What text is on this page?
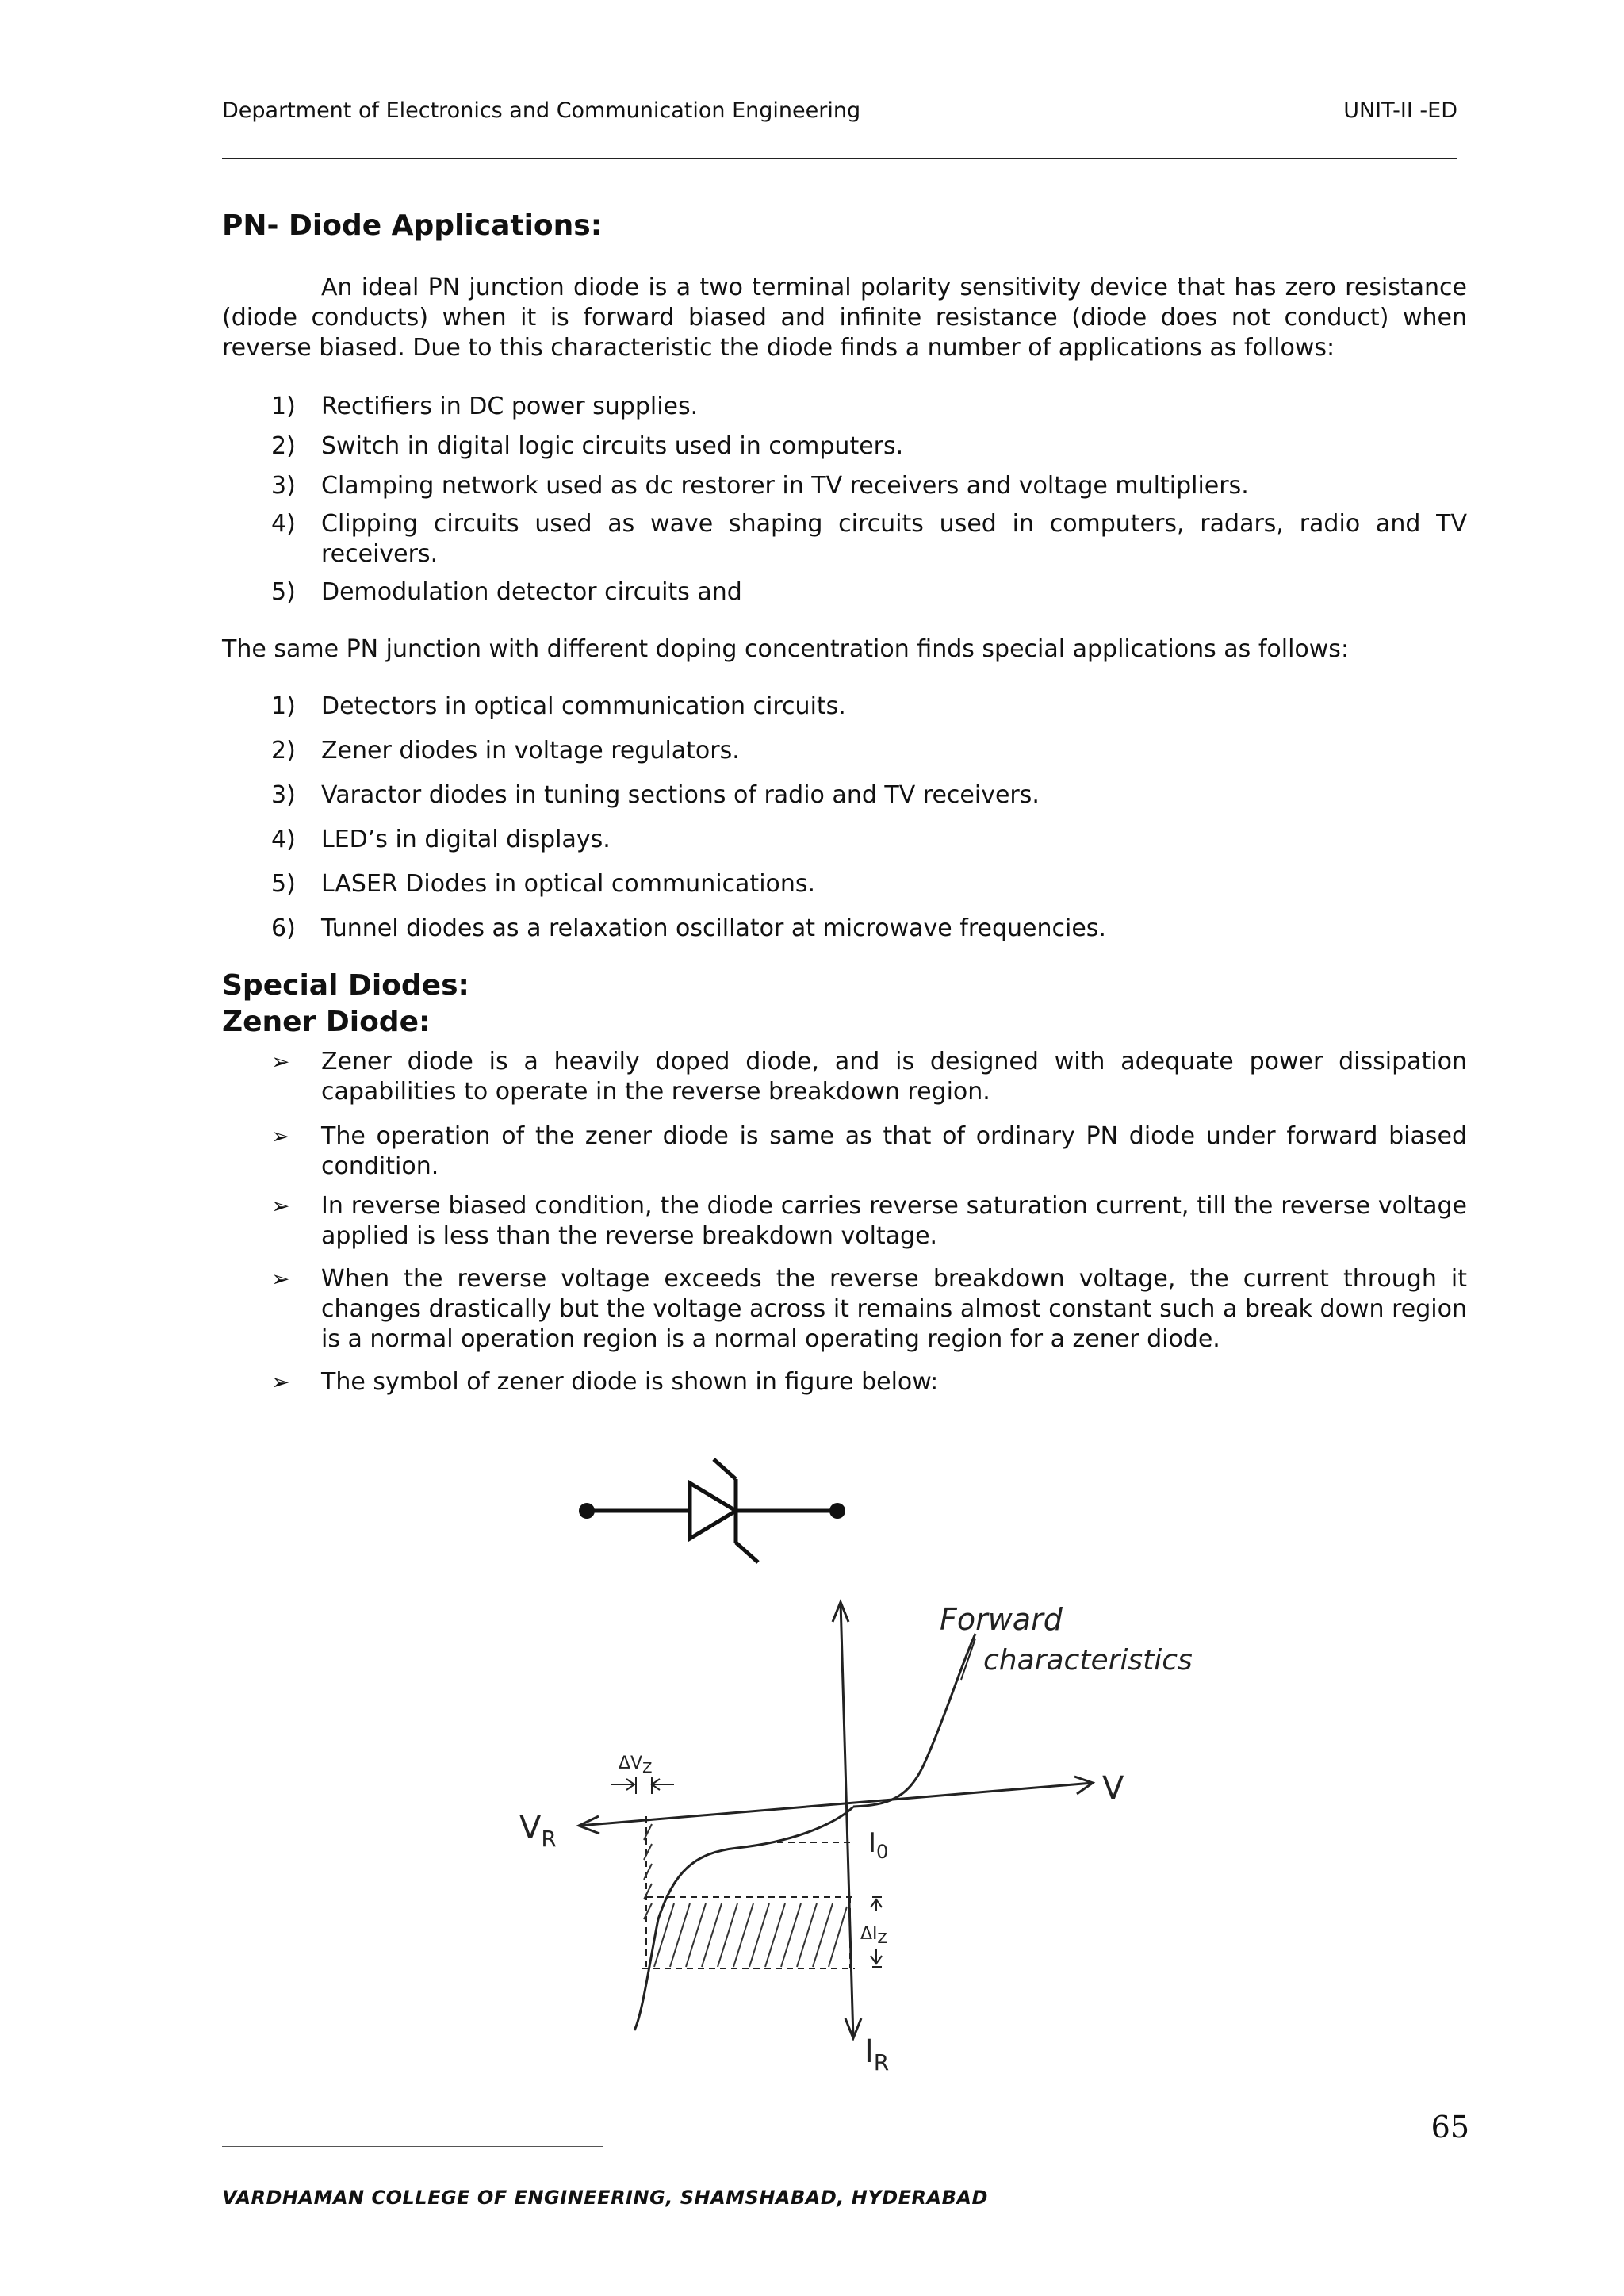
Department of Electronics and Communication Engineering	UNIT-II -ED
PN- Diode Applications:

An ideal PN junction diode is a two terminal polarity sensitivity device that has zero resistance (diode conducts) when it is forward biased and infinite resistance (diode does not conduct) when reverse biased. Due to this characteristic the diode finds a number of applications as follows:

1) Rectifiers in DC power supplies.
2) Switch in digital logic circuits used in computers.
3) Clamping network used as dc restorer in TV receivers and voltage multipliers.
4) Clipping circuits used as wave shaping circuits used in computers, radars, radio and TV receivers.
5) Demodulation detector circuits and

The same PN junction with different doping concentration finds special applications as follows:

1) Detectors in optical communication circuits.
2) Zener diodes in voltage regulators.
3) Varactor diodes in tuning sections of radio and TV receivers.
4) LED’s in digital displays.
5) LASER Diodes in optical communications.
6) Tunnel diodes as a relaxation oscillator at microwave frequencies.
Special Diodes:
Zener Diode:
➢ Zener diode is a heavily doped diode, and is designed with adequate power dissipation capabilities to operate in the reverse breakdown region.
➢ The operation of the zener diode is same as that of ordinary PN diode under forward biased condition.
➢ In reverse biased condition, the diode carries reverse saturation current, till the reverse voltage applied is less than the reverse breakdown voltage.
➢ When the reverse voltage exceeds the reverse breakdown voltage, the current through it changes drastically but the voltage across it remains almost constant such a break down region is a normal operation region is a normal operating region for a zener diode.
➢ The symbol of zener diode is shown in figure below:
Forward
characteristics
V
$V_R$
$I_R$
$I_0$
$\Delta V_Z$
$\Delta I_Z$
65
VARDHAMAN COLLEGE OF ENGINEERING, SHAMSHABAD, HYDERABAD
